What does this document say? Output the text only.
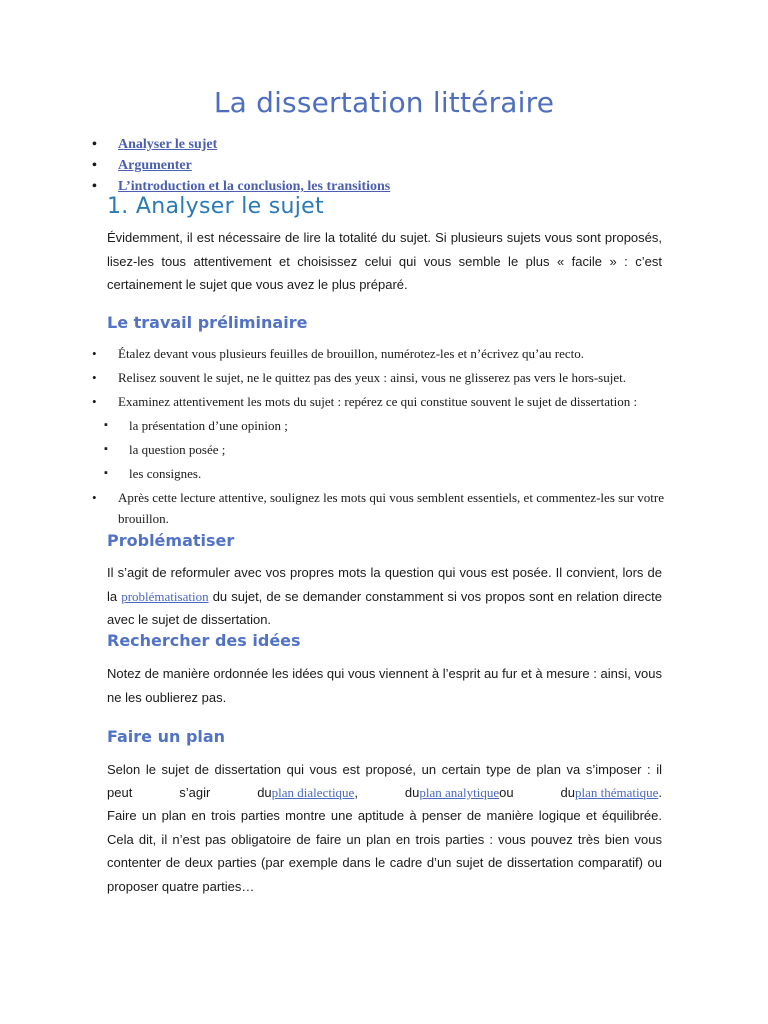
La dissertation littéraire
• Analyser le sujet
• Argumenter
• L’introduction et la conclusion, les transitions
1. Analyser le sujet

Évidemment, il est nécessaire de lire la totalité du sujet. Si plusieurs sujets vous sont proposés, lisez-les tous attentivement et choisissez celui qui vous semble le plus « facile » : c’est certainement le sujet que vous avez le plus préparé.

Le travail préliminaire
• Étalez devant vous plusieurs feuilles de brouillon, numérotez-les et n’écrivez qu’au recto.
• Relisez souvent le sujet, ne le quittez pas des yeux : ainsi, vous ne glisserez pas vers le hors-sujet.
• Examinez attentivement les mots du sujet : repérez ce qui constitue souvent le sujet de dissertation :
▪ la présentation d’une opinion ;
▪ la question posée ;
▪ les consignes.
• Après cette lecture attentive, soulignez les mots qui vous semblent essentiels, et commentez-les sur votre brouillon.
Problématiser

Il s’agit de reformuler avec vos propres mots la question qui vous est posée. Il convient, lors de la problématisation du sujet, de se demander constamment si vos propos sont en relation directe avec le sujet de dissertation.

Rechercher des idées

Notez de manière ordonnée les idées qui vous viennent à l’esprit au fur et à mesure : ainsi, vous ne les oublierez pas.

Faire un plan

Selon le sujet de dissertation qui vous est proposé, un certain type de plan va s’imposer : il

peut	s’agir	duplan dialectique,	duplan analytiqueou	duplan thématique.

Faire un plan en trois parties montre une aptitude à penser de manière logique et équilibrée. Cela dit, il n’est pas obligatoire de faire un plan en trois parties : vous pouvez très bien vous contenter de deux parties (par exemple dans le cadre d’un sujet de dissertation comparatif) ou proposer quatre parties…
